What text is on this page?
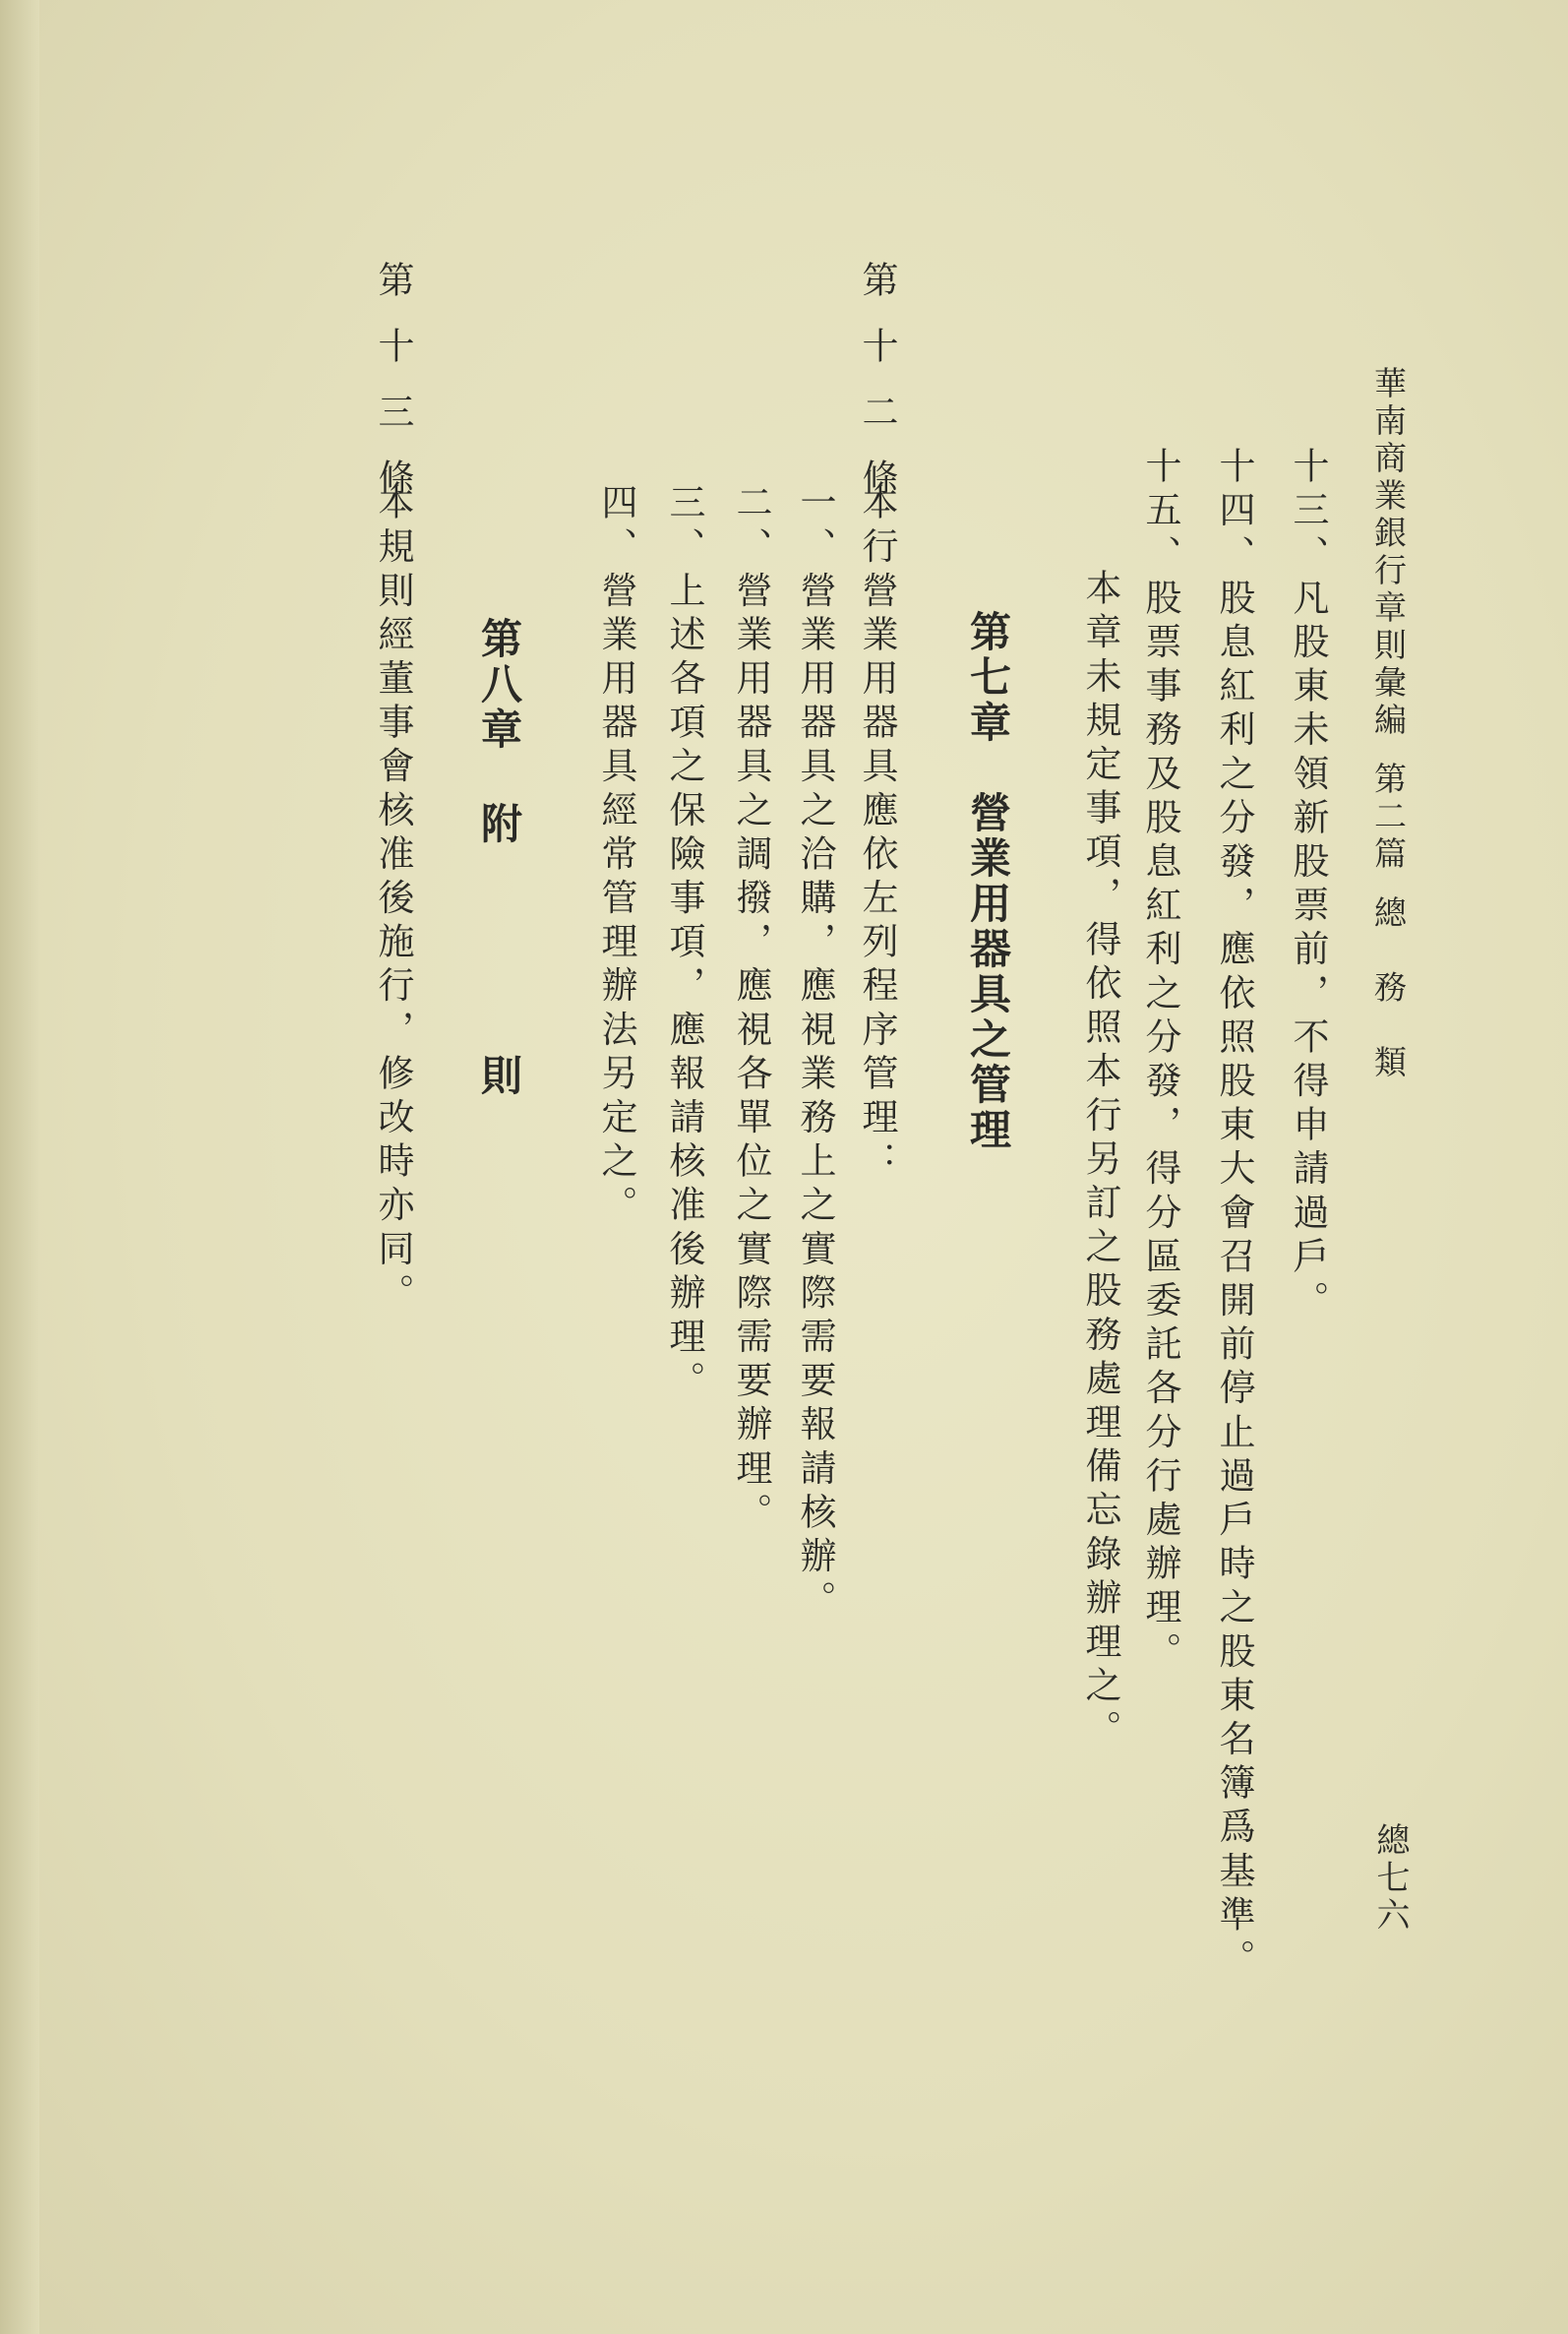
華南商業銀行章則彙編第二篇總　務　類
十三、凡股東未領新股票前，不得申請過戶。
十四、股息紅利之分發，應依照股東大會召開前停止過戶時之股東名簿爲基準。
十五、股票事務及股息紅利之分發，得分區委託各分行處辦理。
本章未規定事項，得依照本行另訂之股務處理備忘錄辦理之。
第七章　營業用器具之管理
第十二條
本行營業用器具應依左列程序管理：
一、營業用器具之洽購，應視業務上之實際需要報請核辦。
二、營業用器具之調撥，應視各單位之實際需要辦理。
三、上述各項之保險事項，應報請核准後辦理。
四、營業用器具經常管理辦法另定之。
第八章附則
第十三條
本規則經董事會核准後施行，修改時亦同。
總七六
